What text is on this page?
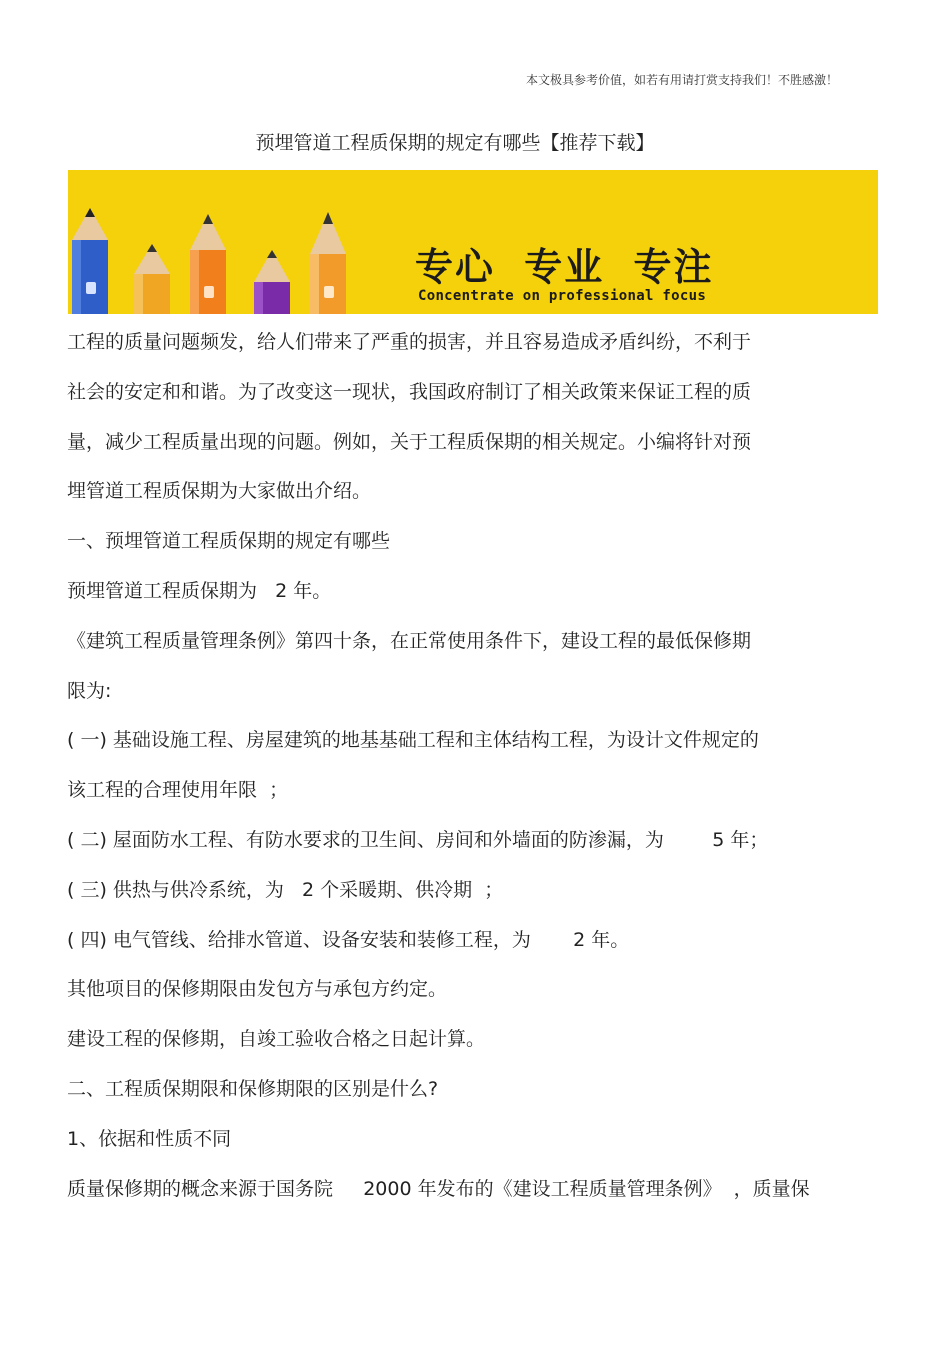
本文极具参考价值，如若有用请打赏支持我们！不胜感激！
预埋管道工程质保期的规定有哪些【推荐下载】
专心 专业 专注
Concentrate on professional focus
工程的质量问题频发，给人们带来了严重的损害，并且容易造成矛盾纠纷，不利于
社会的安定和和谐。为了改变这一现状，我国政府制订了相关政策来保证工程的质
量，减少工程质量出现的问题。例如，关于工程质保期的相关规定。小编将针对预
埋管道工程质保期为大家做出介绍。
一、预埋管道工程质保期的规定有哪些
预埋管道工程质保期为   2 年。
《建筑工程质量管理条例》第四十条，在正常使用条件下，建设工程的最低保修期
限为:
( 一) 基础设施工程、房屋建筑的地基基础工程和主体结构工程，为设计文件规定的
该工程的合理使用年限  ；
( 二) 屋面防水工程、有防水要求的卫生间、房间和外墙面的防渗漏，为        5 年；
( 三) 供热与供冷系统，为   2 个采暖期、供冷期  ；
( 四) 电气管线、给排水管道、设备安装和装修工程，为       2 年。
其他项目的保修期限由发包方与承包方约定。
建设工程的保修期，自竣工验收合格之日起计算。
二、工程质保期限和保修期限的区别是什么?
1、依据和性质不同
质量保修期的概念来源于国务院     2000 年发布的《建设工程质量管理条例》  ，质量保
